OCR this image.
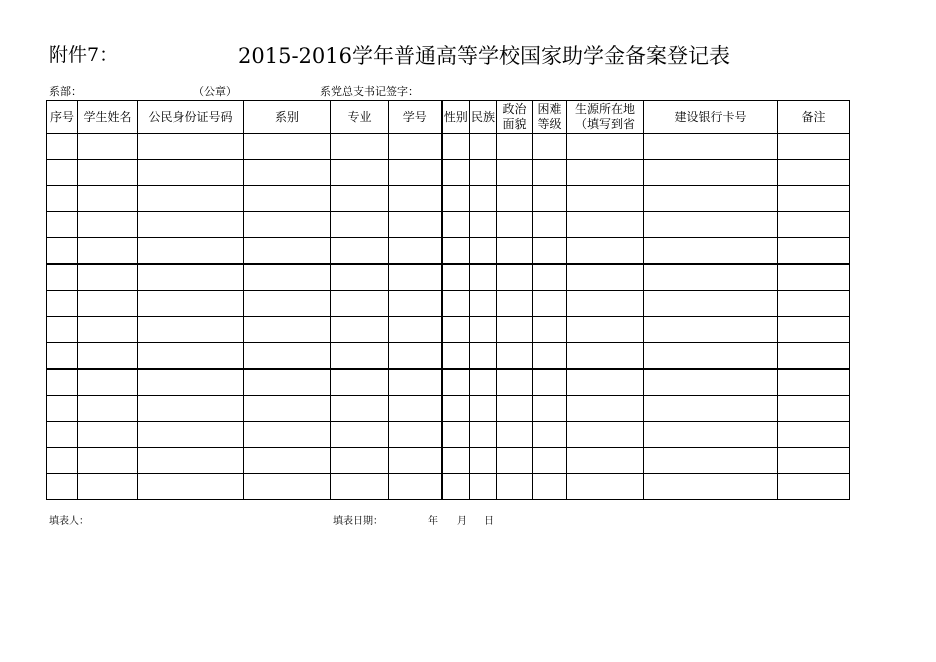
附件7：	2015-2016学年普通高等学校国家助学金备案登记表
系部：	（公章）	系党总支书记签字：
序号	学生姓名	公民身份证号码	系别	专业	学号	性别	民族	政治面貌	困难等级	生源所在地（填写到省	建设银行卡号	备注

填表人：	填表日期：	年 月 日
